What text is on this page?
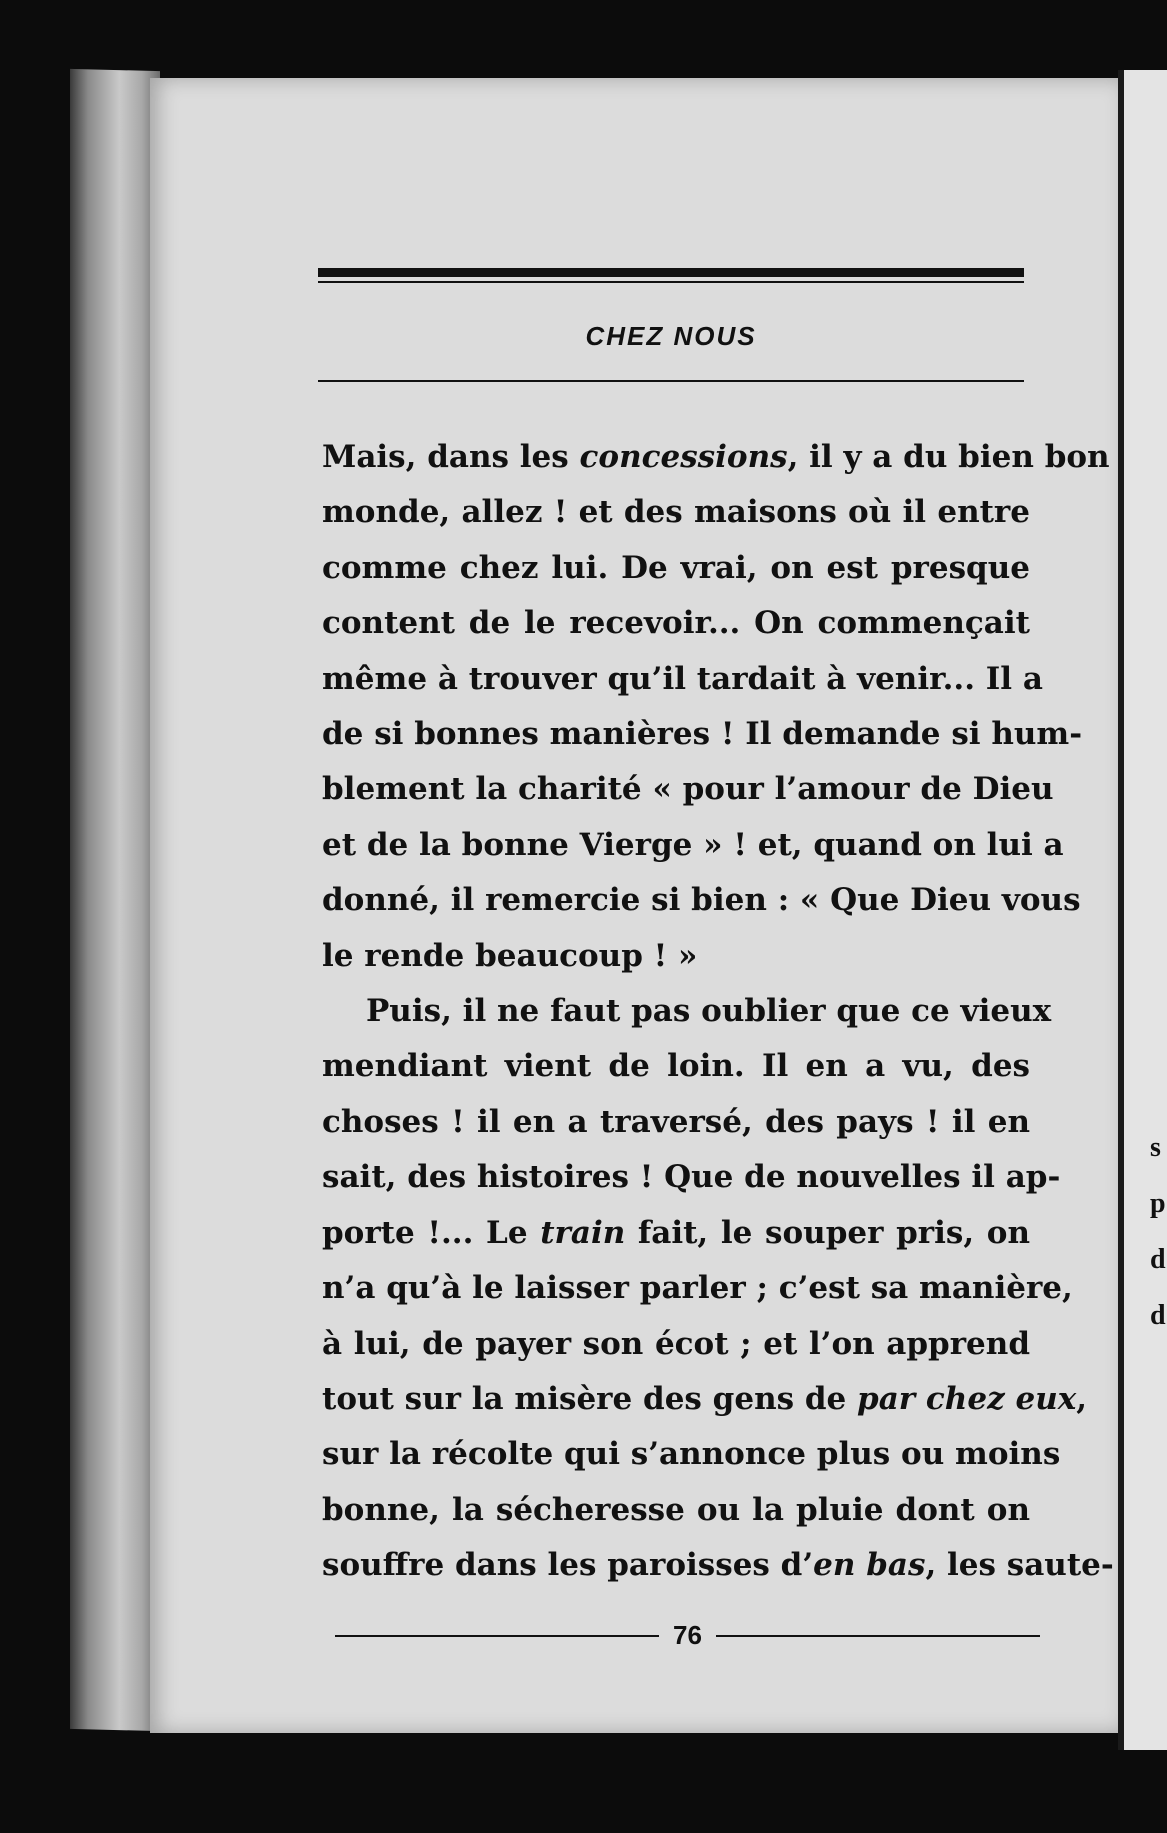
s
p
d
d
CHEZ NOUS
Mais, dans les concessions, il y a du bien bon
monde, allez ! et des maisons où il entre
comme chez lui. De vrai, on est presque
content de le recevoir... On commençait
même à trouver qu’il tardait à venir... Il a
de si bonnes manières ! Il demande si hum-
blement la charité « pour l’amour de Dieu
et de la bonne Vierge » ! et, quand on lui a
donné, il remercie si bien : « Que Dieu vous
le rende beaucoup ! »
Puis, il ne faut pas oublier que ce vieux
mendiant vient de loin. Il en a vu, des
choses ! il en a traversé, des pays ! il en
sait, des histoires ! Que de nouvelles il ap-
porte !... Le train fait, le souper pris, on
n’a qu’à le laisser parler ; c’est sa manière,
à lui, de payer son écot ; et l’on apprend
tout sur la misère des gens de par chez eux
sur la récolte qui s’annonce plus ou moins
bonne, la sécheresse ou la pluie dont on
souffre dans les paroisses d’en bas, les saute-
76
